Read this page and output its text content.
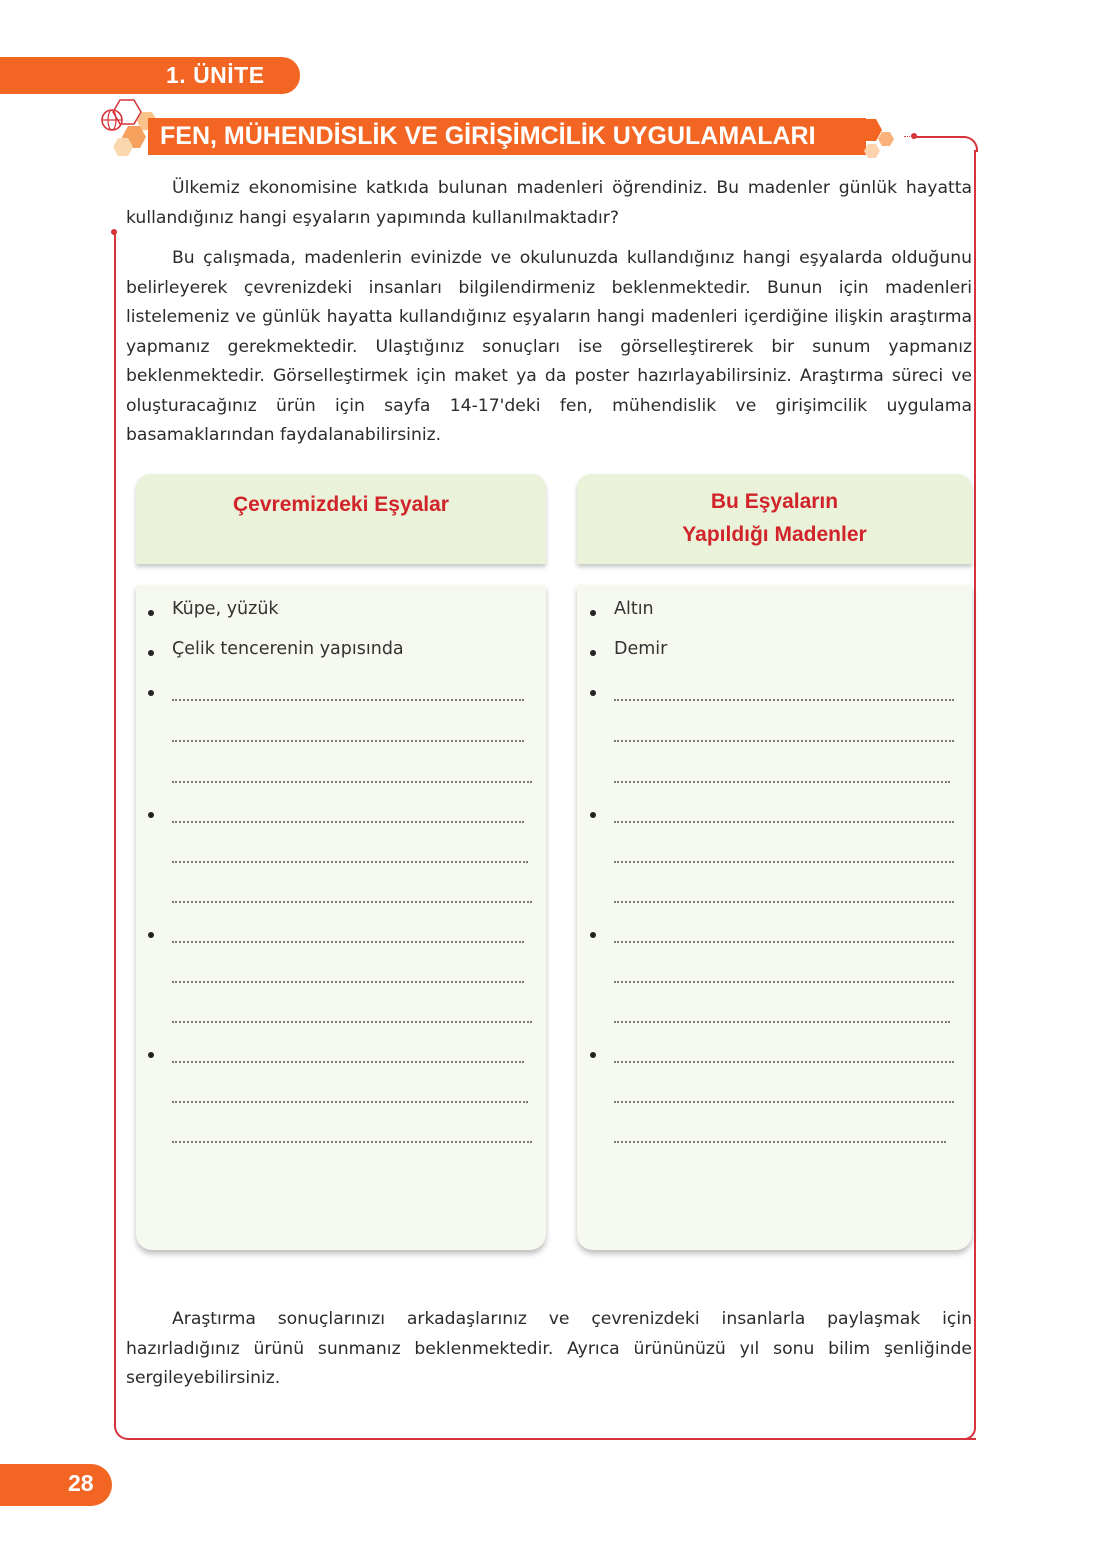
1. ÜNİTE
FEN, MÜHENDİSLİK VE GİRİŞİMCİLİK UYGULAMALARI
Ülkemiz ekonomisine katkıda bulunan madenleri öğrendiniz. Bu madenler günlük hayatta kullandığınız hangi eşyaların yapımında kullanılmaktadır?
Bu çalışmada, madenlerin evinizde ve okulunuzda kullandığınız hangi eşyalarda olduğunu belirleyerek çevrenizdeki insanları bilgilendirmeniz beklenmektedir. Bunun için madenleri listelemeniz ve günlük hayatta kullandığınız eşyaların hangi madenleri içerdiğine ilişkin araştırma yapmanız gerekmektedir. Ulaştığınız sonuçları ise görselleştirerek bir sunum yapmanız beklenmektedir. Görselleştirmek için maket ya da poster hazırlayabilirsiniz. Araştırma süreci ve oluşturacağınız ürün için sayfa 14-17'deki fen, mühendislik ve girişimcilik uygulama basamaklarından faydalanabilirsiniz.
Çevremizdeki Eşyalar
Küpe, yüzük
Çelik tencerenin yapısında
Bu Eşyaların
Yapıldığı Madenler
Altın
Demir
Araştırma sonuçlarınızı arkadaşlarınız ve çevrenizdeki insanlarla paylaşmak için hazırladığınız ürünü sunmanız beklenmektedir. Ayrıca ürününüzü yıl sonu bilim şenliğinde sergileyebilirsiniz.
28
